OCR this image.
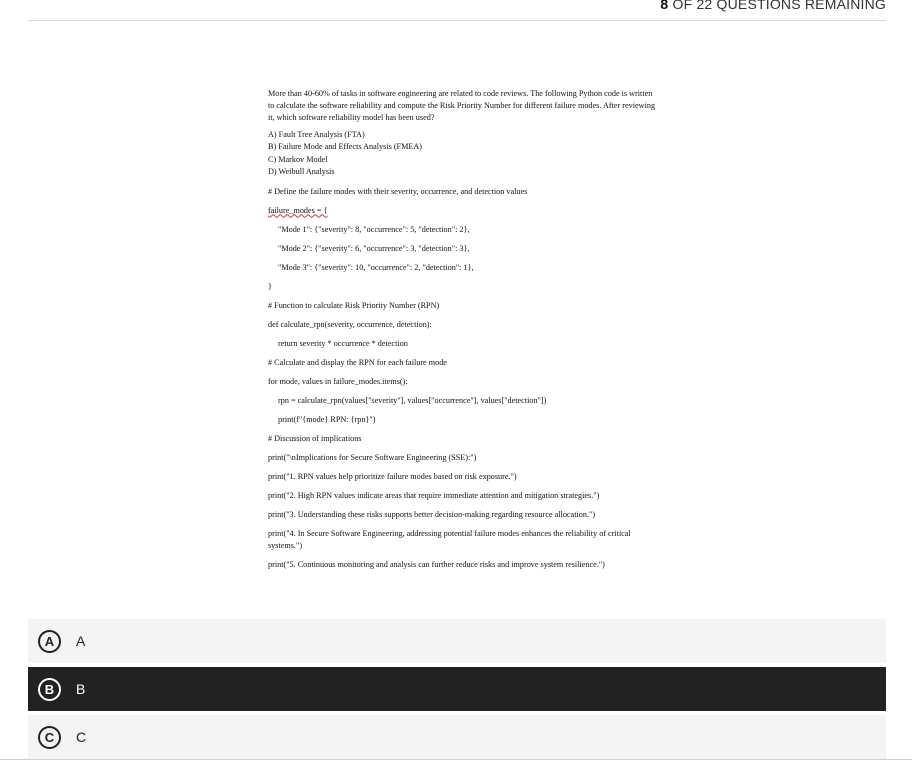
8 OF 22 QUESTIONS REMAINING

More than 40-60% of tasks in software engineering are related to code reviews. The following Python code is written to calculate the software reliability and compute the Risk Priority Number for different failure modes. After reviewing it, which software reliability model has been used?

A) Fault Tree Analysis (FTA)

B) Failure Mode and Effects Analysis (FMEA)

C) Markov Model

D) Weibull Analysis

# Define the failure modes with their severity, occurrence, and detection values
failure_modes = {
"Mode 1": {"severity": 8, "occurrence": 5, "detection": 2},
"Mode 2": {"severity": 6, "occurrence": 3, "detection": 3},
"Mode 3": {"severity": 10, "occurrence": 2, "detection": 1},
}
# Function to calculate Risk Priority Number (RPN)
def calculate_rpn(severity, occurrence, detection):
return severity * occurrence * detection
# Calculate and display the RPN for each failure mode
for mode, values in failure_modes.items():
rpn = calculate_rpn(values["severity"], values["occurrence"], values["detection"])
print(f"{mode} RPN: {rpn}")
# Discussion of implications
print("\nImplications for Secure Software Engineering (SSE):")
print("1. RPN values help prioritize failure modes based on risk exposure.")
print("2. High RPN values indicate areas that require immediate attention and mitigation strategies.")
print("3. Understanding these risks supports better decision-making regarding resource allocation.")
print("4. In Secure Software Engineering, addressing potential failure modes enhances the reliability of critical systems.")
print("5. Continuous monitoring and analysis can further reduce risks and improve system resilience.")
A	A
B	B
C	C
